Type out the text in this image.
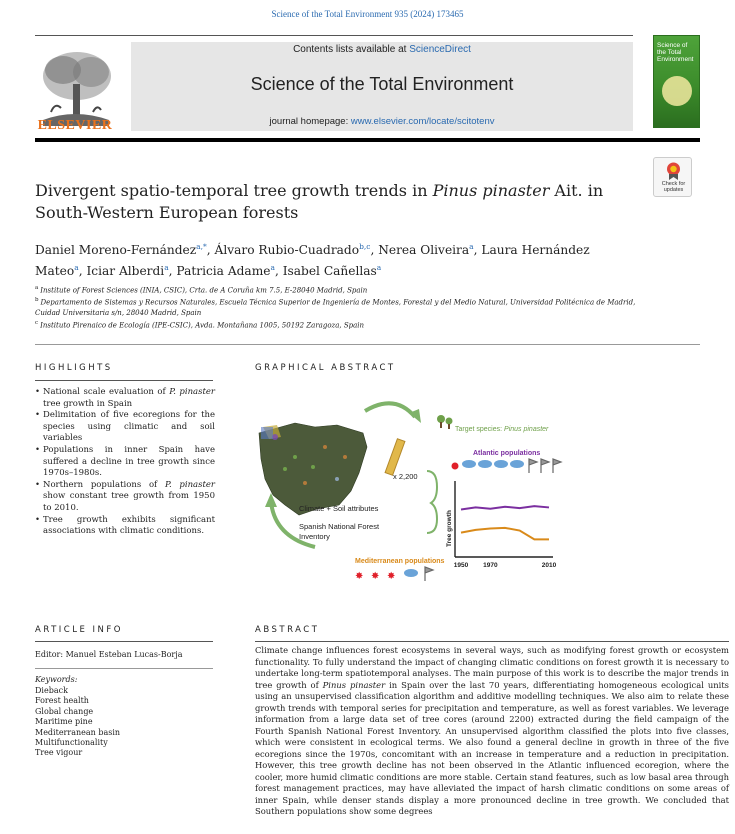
Science of the Total Environment 935 (2024) 173465
ELSEVIER
Contents lists available at ScienceDirect
Science of the Total Environment
journal homepage: www.elsevier.com/locate/scitotenv
Science of the Total Environment
Check for
updates
Divergent spatio-temporal tree growth trends in Pinus pinaster Ait. in South-Western European forests
Daniel Moreno-Fernández$^{a,*}$, Álvaro Rubio-Cuadrado$^{b,c}$, Nerea Oliveira$^a$, Laura Hernández Mateo$^a$, Iciar Alberdi$^a$, Patricia Adame$^a$, Isabel Cañellas$^a$
$^a$ Institute of Forest Sciences (INIA, CSIC), Crta. de A Coruña km 7.5, E-28040 Madrid, Spain
$^b$ Departamento de Sistemas y Recursos Naturales, Escuela Técnica Superior de Ingeniería de Montes, Forestal y del Medio Natural, Universidad Politécnica de Madrid, Cuidad Universitaria s/n, 28040 Madrid, Spain
$^c$ Instituto Pirenaico de Ecología (IPE-CSIC), Avda. Montañana 1005, 50192 Zaragoza, Spain
HIGHLIGHTS
• National scale evaluation of P. pinaster tree growth in Spain
• Delimitation of five ecoregions for the species using climatic and soil variables
• Populations in inner Spain have suffered a decline in tree growth since 1970s–1980s.
• Northern populations of P. pinaster show constant tree growth from 1950 to 2010.
• Tree growth exhibits significant associations with climatic conditions.
GRAPHICAL ABSTRACT
x 2,200
Climate + Soil attributes
Spanish National Forest
Inventory
Target species: Pinus pinaster
Atlantic populations
Tree growth
1950 1970	2010
Mediterranean populations
✸ ✸ ✸
ARTICLE INFO
Editor: Manuel Esteban Lucas-Borja
Keywords:
Dieback
Forest health
Global change
Maritime pine
Mediterranean basin
Multifunctionality
Tree vigour
ABSTRACT
Climate change influences forest ecosystems in several ways, such as modifying forest growth or ecosystem functionality. To fully understand the impact of changing climatic conditions on forest growth it is necessary to undertake long-term spatiotemporal analyses. The main purpose of this work is to describe the major trends in tree growth of Pinus pinaster in Spain over the last 70 years, differentiating homogeneous ecological units using an unsupervised classification algorithm and additive modelling techniques. We also aim to relate these growth trends with temporal series for precipitation and temperature, as well as forest variables. We leverage information from a large data set of tree cores (around 2200) extracted during the field campaign of the Fourth Spanish National Forest Inventory. An unsupervised algorithm classified the plots into five classes, which were consistent in ecological terms. We also found a general decline in growth in three of the five ecoregions since the 1970s, concomitant with an increase in temperature and a reduction in precipitation. However, this tree growth decline has not been observed in the Atlantic influenced ecoregion, where the cooler, more humid climatic conditions are more stable. Certain stand features, such as low basal area through forest management practices, may have alleviated the impact of harsh climatic conditions on some areas of inner Spain, while denser stands display a more pronounced decline in tree growth. We concluded that Southern populations show some degrees
